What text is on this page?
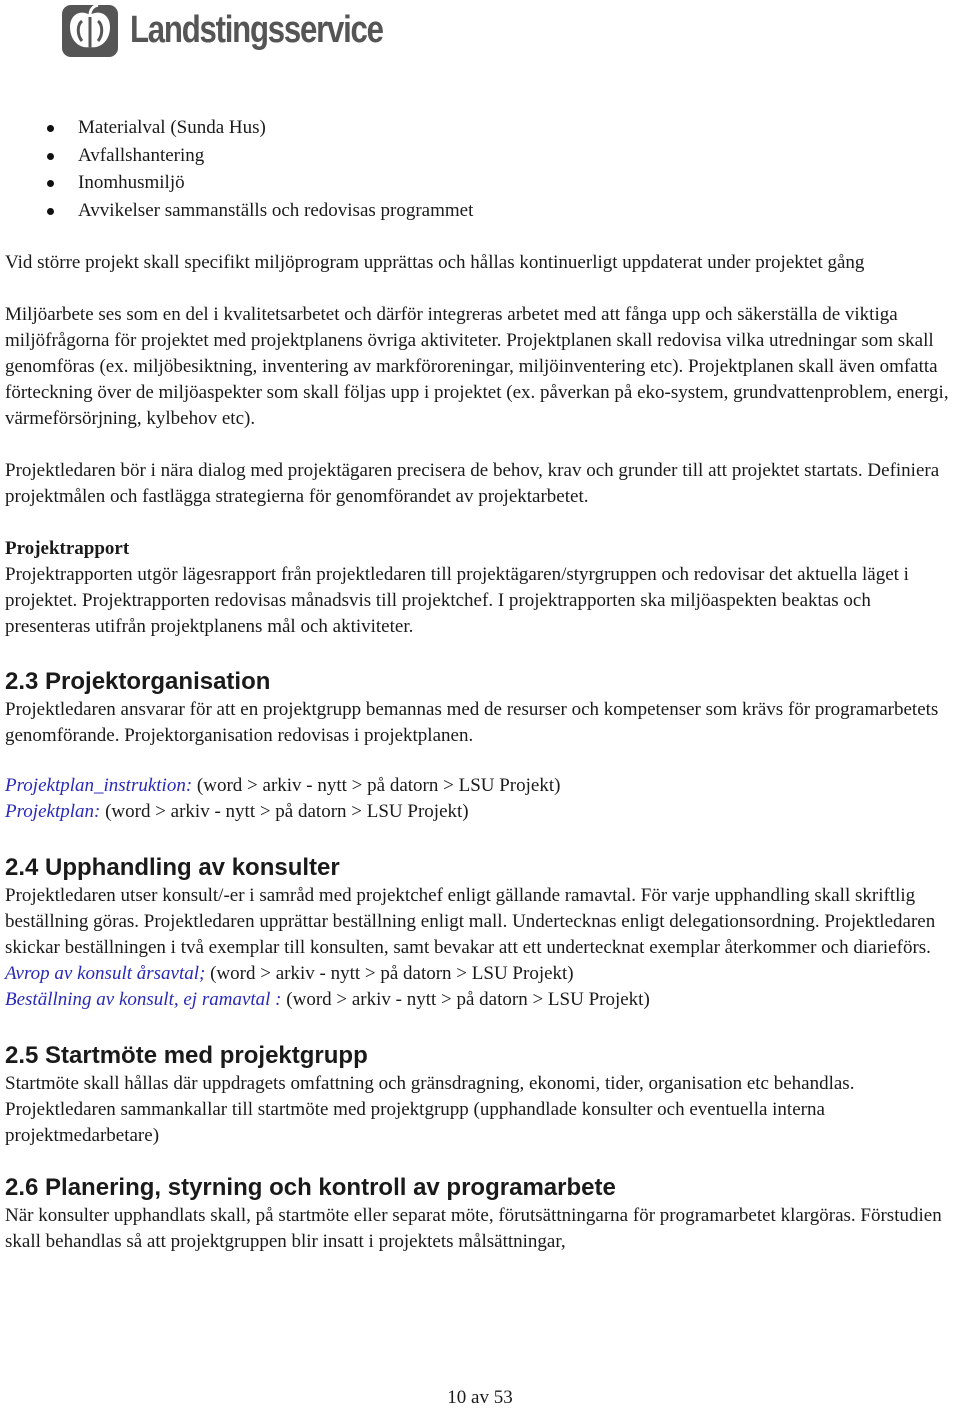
Landstingsservice
Materialval (Sunda Hus)
Avfallshantering
Inomhusmiljö
Avvikelser sammanställs och redovisas programmet

Vid större projekt skall specifikt miljöprogram upprättas och hållas kontinuerligt uppdaterat under projektet gång

Miljöarbete ses som en del i kvalitetsarbetet och därför integreras arbetet med att fånga upp och säkerställa de viktiga miljöfrågorna för projektet med projektplanens övriga aktiviteter. Projektplanen skall redovisa vilka utredningar som skall genomföras (ex. miljöbesiktning, inventering av markföroreningar, miljöinventering etc). Projektplanen skall även omfatta förteckning över de miljöaspekter som skall följas upp i projektet (ex. påverkan på eko-system, grundvattenproblem, energi, värmeförsörjning, kylbehov etc).

Projektledaren bör i nära dialog med projektägaren precisera de behov, krav och grunder till att projektet startats. Definiera projektmålen och fastlägga strategierna för genomförandet av projektarbetet.

Projektrapport

Projektrapporten utgör lägesrapport från projektledaren till projektägaren/styrgruppen och redovisar det aktuella läget i projektet. Projektrapporten redovisas månadsvis till projektchef. I projektrapporten ska miljöaspekten beaktas och presenteras utifrån projektplanens mål och aktiviteter.

2.3 Projektorganisation

Projektledaren ansvarar för att en projektgrupp bemannas med de resurser och kompetenser som krävs för programarbetets genomförande. Projektorganisation redovisas i projektplanen.

Projektplan_instruktion: (word > arkiv - nytt > på datorn > LSU Projekt)

Projektplan: (word > arkiv - nytt > på datorn > LSU Projekt)

2.4 Upphandling av konsulter

Projektledaren utser konsult/-er i samråd med projektchef enligt gällande ramavtal. För varje upphandling skall skriftlig beställning göras. Projektledaren upprättar beställning enligt mall. Undertecknas enligt delegationsordning. Projektledaren skickar beställningen i två exemplar till konsulten, samt bevakar att ett undertecknat exemplar återkommer och diarieförs.

Avrop av konsult årsavtal; (word > arkiv - nytt > på datorn > LSU Projekt)

Beställning av konsult, ej ramavtal : (word > arkiv - nytt > på datorn > LSU Projekt)

2.5 Startmöte med projektgrupp

Startmöte skall hållas där uppdragets omfattning och gränsdragning, ekonomi, tider, organisation etc behandlas. Projektledaren sammankallar till startmöte med projektgrupp (upphandlade konsulter och eventuella interna projektmedarbetare)

2.6 Planering, styrning och kontroll av programarbete

När konsulter upphandlats skall, på startmöte eller separat möte, förutsättningarna för programarbetet klargöras. Förstudien skall behandlas så att projektgruppen blir insatt i projektets målsättningar,

10 av 53
